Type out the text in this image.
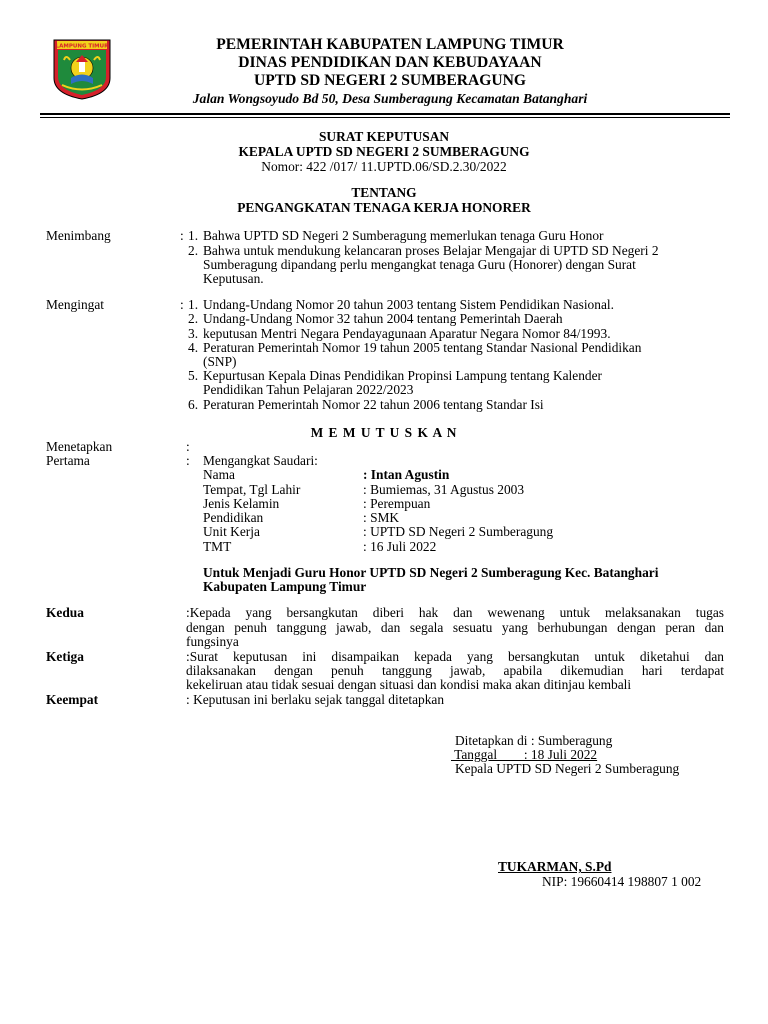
LAMPUNG TIMUR	PEMERINTAH KABUPATEN LAMPUNG TIMUR
DINAS PENDIDIKAN DAN KEBUDAYAAN
UPTD SD NEGERI 2 SUMBERAGUNG
Jalan Wongsoyudo Bd 50, Desa Sumberagung Kecamatan Batanghari
SURAT KEPUTUSAN
KEPALA UPTD SD NEGERI 2 SUMBERAGUNG
Nomor: 422 /017/ 11.UPTD.06/SD.2.30/2022
TENTANG
PENGANGKATAN TENAGA KERJA HONORER
Menimbang	: 1. Bahwa UPTD SD Negeri 2 Sumberagung memerlukan tenaga Guru Honor
2. Bahwa untuk mendukung kelancaran proses Belajar Mengajar di UPTD SD Negeri 2
Sumberagung dipandang perlu mengangkat tenaga Guru (Honorer) dengan Surat
Keputusan.
Mengingat	: 1. Undang-Undang Nomor 20 tahun 2003 tentang Sistem Pendidikan Nasional.
2. Undang-Undang Nomor 32 tahun 2004 tentang Pemerintah Daerah
3. keputusan Mentri Negara Pendayagunaan Aparatur Negara Nomor 84/1993.
4. Peraturan Pemerintah Nomor 19 tahun 2005 tentang Standar Nasional Pendidikan
(SNP)
5. Kepurtusan Kepala Dinas Pendidikan Propinsi Lampung tentang Kalender
Pendidikan Tahun Pelajaran 2022/2023
6. Peraturan Pemerintah Nomor 22 tahun 2006 tentang Standar Isi
M E M U T U S K A N
Menetapkan	:
Pertama	: Mengangkat Saudari:
Nama	: Intan Agustin
Tempat, Tgl Lahir	: Bumiemas, 31 Agustus 2003
Jenis Kelamin	: Perempuan
Pendidikan	: SMK
Unit Kerja	: UPTD SD Negeri 2 Sumberagung
TMT	: 16 Juli 2022
Untuk Menjadi Guru Honor UPTD SD Negeri 2 Sumberagung Kec. Batanghari
Kabupaten Lampung Timur
Kedua	:Kepada yang bersangkutan diberi hak dan wewenang untuk melaksanakan tugas
dengan penuh tanggung jawab, dan segala sesuatu yang berhubungan dengan peran dan
fungsinya
Ketiga	:Surat keputusan ini disampaikan kepada yang bersangkutan untuk diketahui dan
dilaksanakan dengan penuh tanggung jawab, apabila dikemudian hari terdapat
kekeliruan atau tidak sesuai dengan situasi dan kondisi maka akan ditinjau kembali
Keempat	: Keputusan ini berlaku sejak tanggal ditetapkan
Ditetapkan di : Sumberagung
Tanggal        : 18 Juli 2022
Kepala UPTD SD Negeri 2 Sumberagung
TUKARMAN, S.Pd
NIP: 19660414 198807 1 002
